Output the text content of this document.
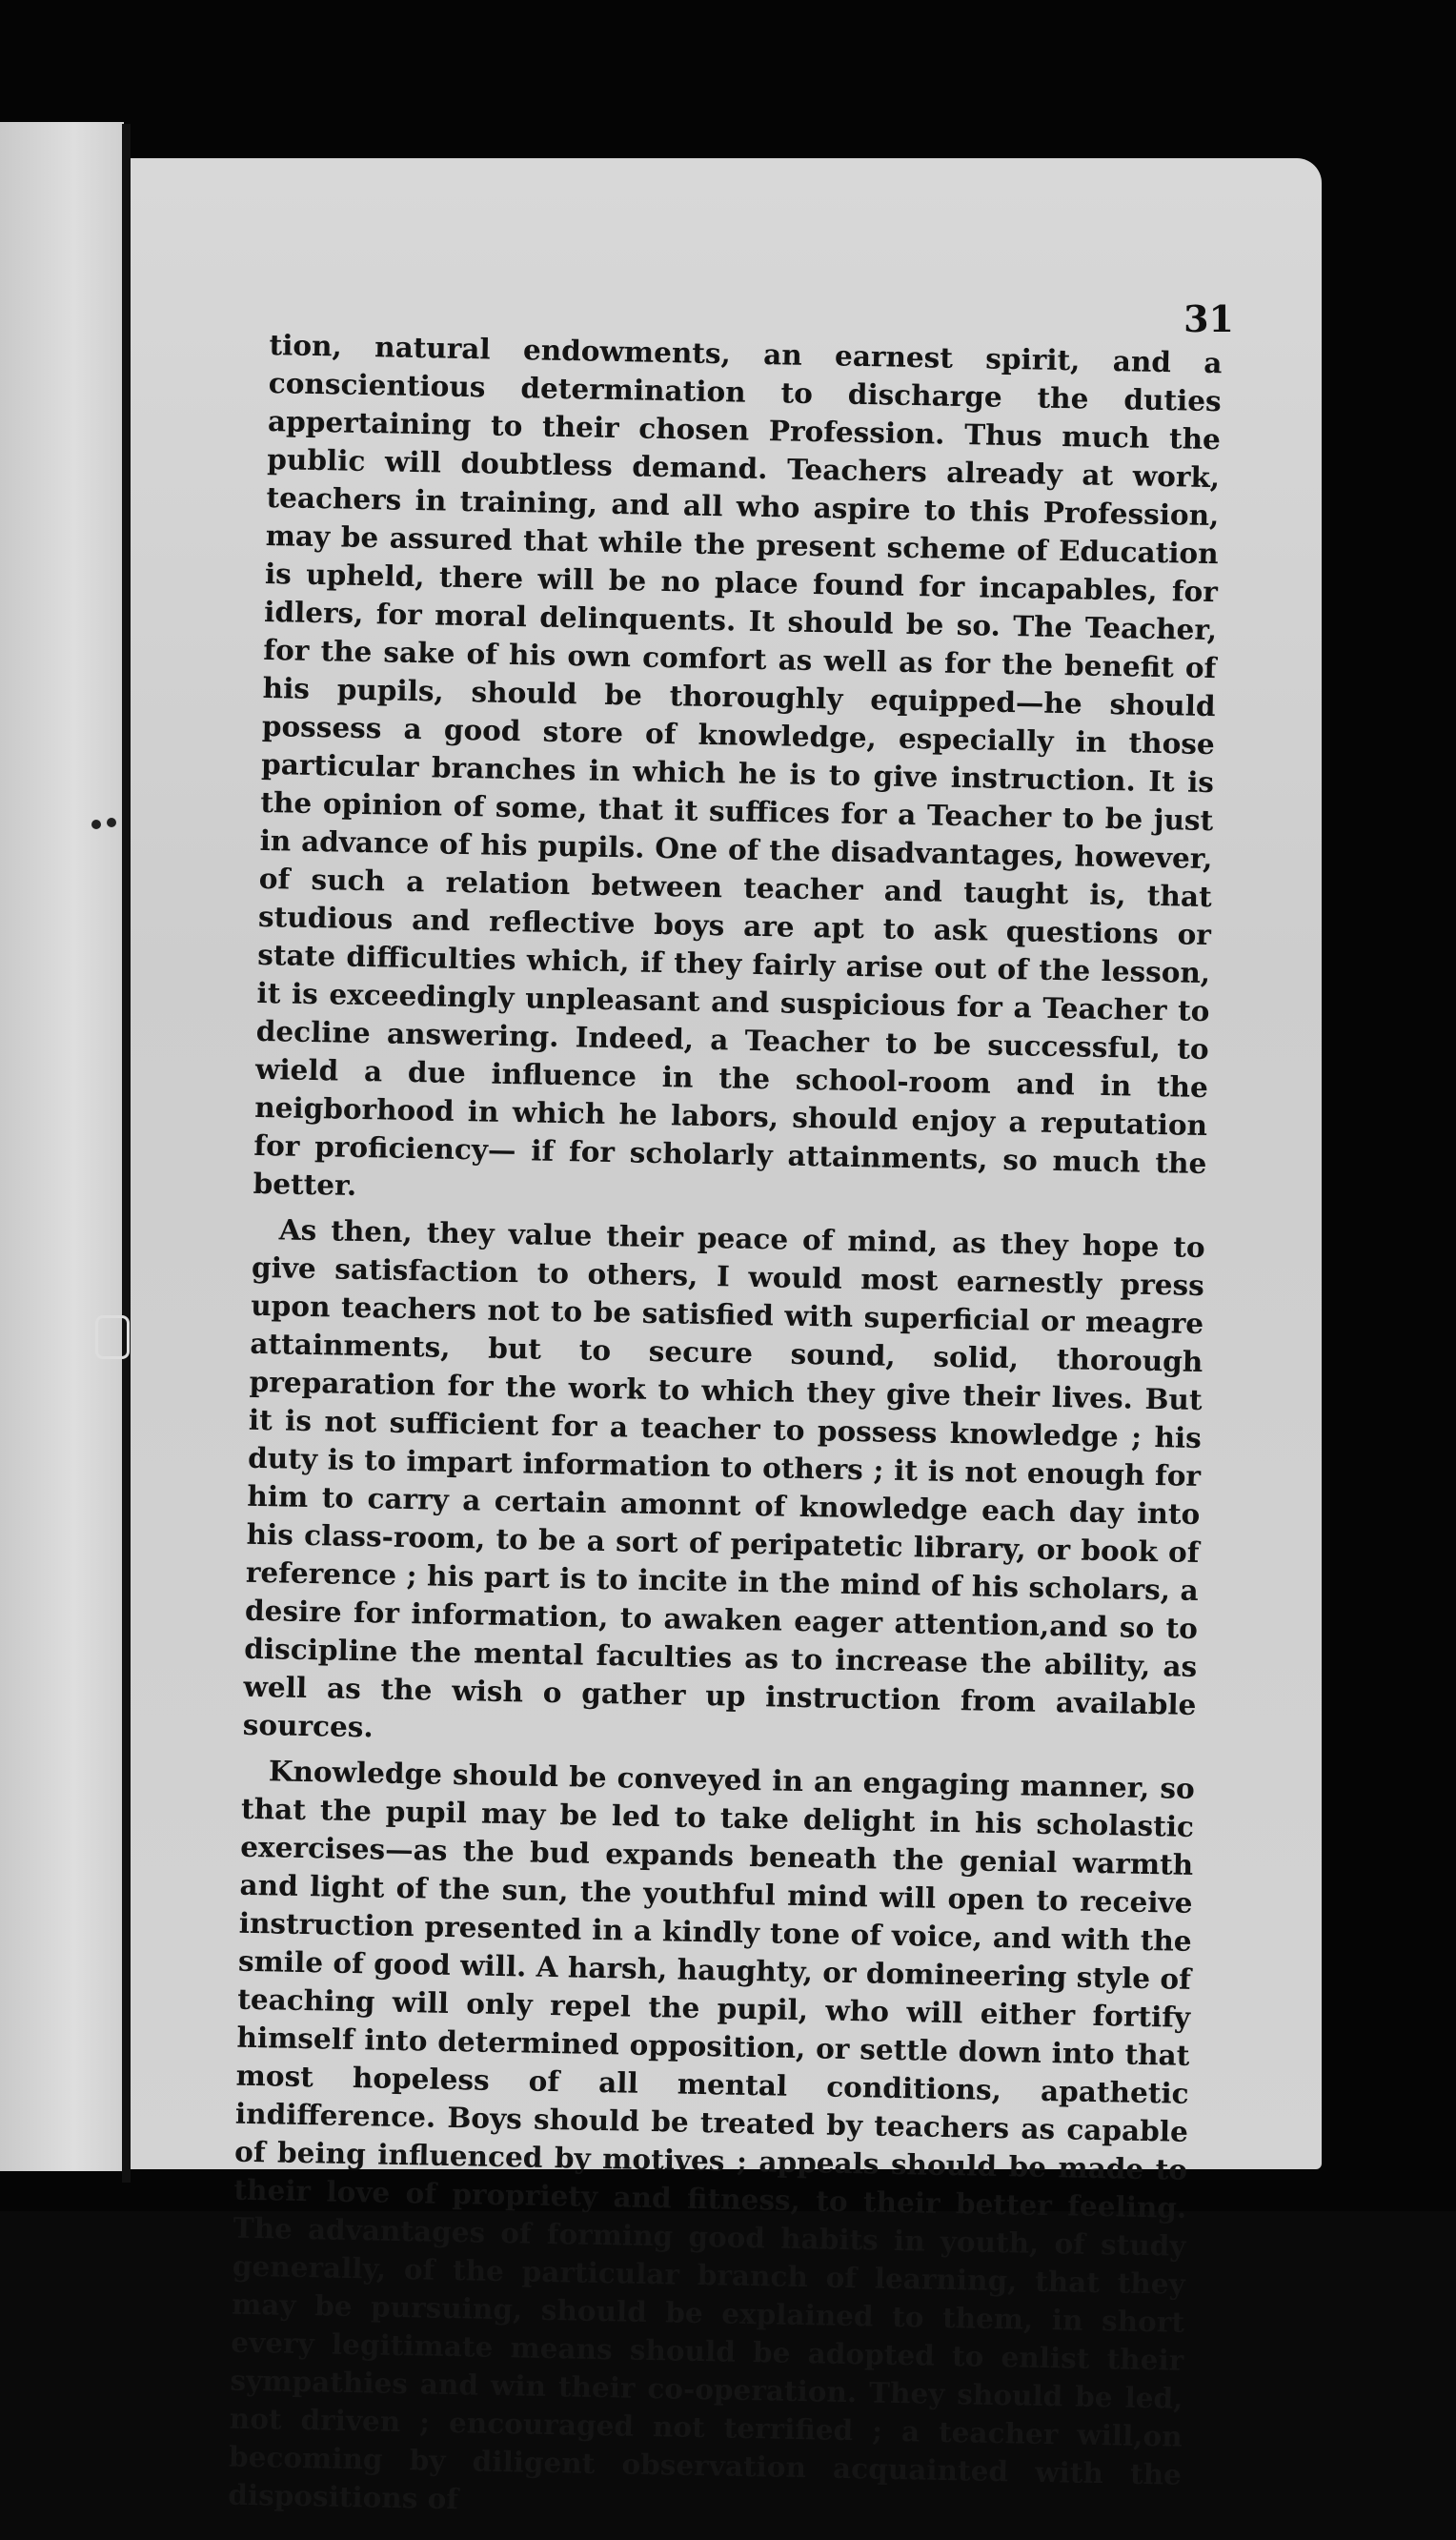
31

tion, natural endowments, an earnest spirit, and a conscientious determination to discharge the duties appertaining to their chosen Profession. Thus much the public will doubtless demand. Teachers already at work, teachers in training, and all who aspire to this Profession, may be assured that while the present scheme of Education is upheld, there will be no place found for incapables, for idlers, for moral delinquents. It should be so. The Teacher, for the sake of his own comfort as well as for the benefit of his pupils, should be thoroughly equipped—he should possess a good store of knowledge, especially in those particular branches in which he is to give instruction. It is the opinion of some, that it suffices for a Teacher to be just in advance of his pupils. One of the disadvantages, however, of such a relation between teacher and taught is, that studious and reflective boys are apt to ask questions or state difficulties which, if they fairly arise out of the lesson, it is exceedingly unpleasant and suspicious for a Teacher to decline answering. Indeed, a Teacher to be successful, to wield a due influence in the school-room and in the neigborhood in which he labors, should enjoy a reputation for proficiency— if for scholarly attainments, so much the better.

As then, they value their peace of mind, as they hope to give satisfaction to others, I would most earnestly press upon teachers not to be satisfied with superficial or meagre attainments, but to secure sound, solid, thorough preparation for the work to which they give their lives. But it is not sufficient for a teacher to possess knowledge ; his duty is to impart information to others ; it is not enough for him to carry a certain amonnt of knowledge each day into his class-room, to be a sort of peripatetic library, or book of reference ; his part is to incite in the mind of his scholars, a desire for information, to awaken eager attention,and so to discipline the mental faculties as to increase the ability, as well as the wish o gather up instruction from available sources.

Knowledge should be conveyed in an engaging manner, so that the pupil may be led to take delight in his scholastic exercises—as the bud expands beneath the genial warmth and light of the sun, the youthful mind will open to receive instruction presented in a kindly tone of voice, and with the smile of good will. A harsh, haughty, or domineering style of teaching will only repel the pupil, who will either fortify himself into determined opposition, or settle down into that most hopeless of all mental conditions, apathetic indifference. Boys should be treated by teachers as capable of being influenced by motives ; appeals should be made to their love of propriety and fitness, to their better feeling. The advantages of forming good habits in youth, of study generally, of the particular branch of learning, that they may be pursuing, should be explained to them, in short every legitimate means should be adopted to enlist their sympathies and win their co-operation. They should be led, not driven ; encouraged not terrified ; a teacher will,on becoming by diligent observation acquainted with the dispositions of
